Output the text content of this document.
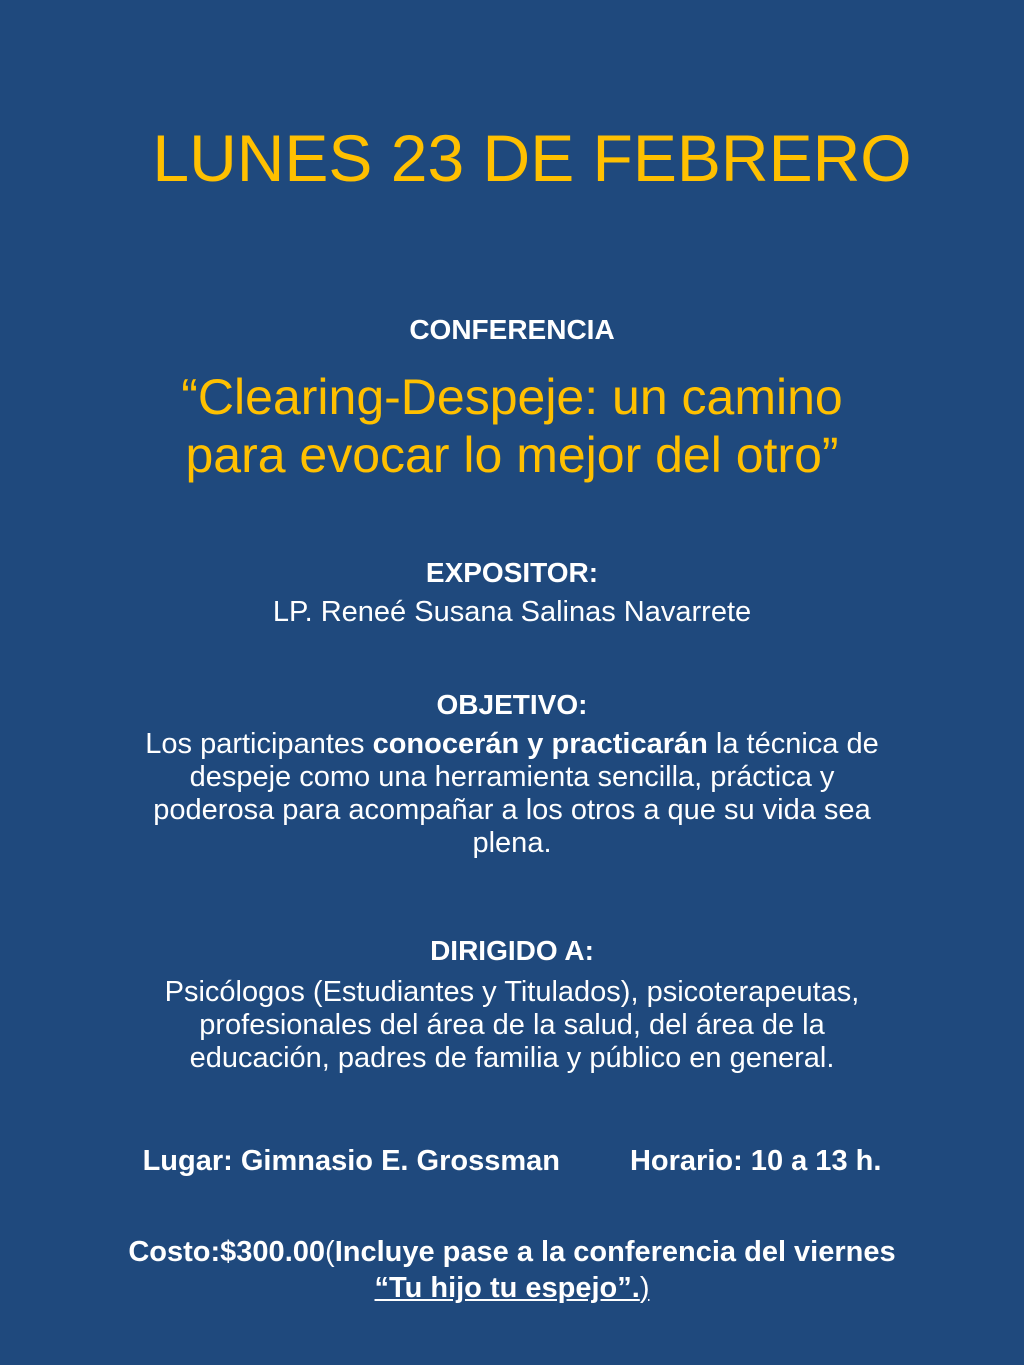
LUNES 23 DE FEBRERO
CONFERENCIA
“Clearing-Despeje: un camino
para evocar lo mejor del otro”
EXPOSITOR:
LP. Reneé Susana Salinas Navarrete
OBJETIVO:
Los participantes conocerán y practicarán la técnica de
despeje como una herramienta sencilla, práctica y
poderosa para acompañar a los otros a que su vida sea
plena.
DIRIGIDO A:
Psicólogos (Estudiantes y Titulados), psicoterapeutas,
profesionales del área de la salud, del área de la
educación, padres de familia y público en general.
Lugar: Gimnasio E. Grossman Horario: 10 a 13 h.
Costo:$300.00(Incluye pase a la conferencia del viernes
“Tu hijo tu espejo”.)
